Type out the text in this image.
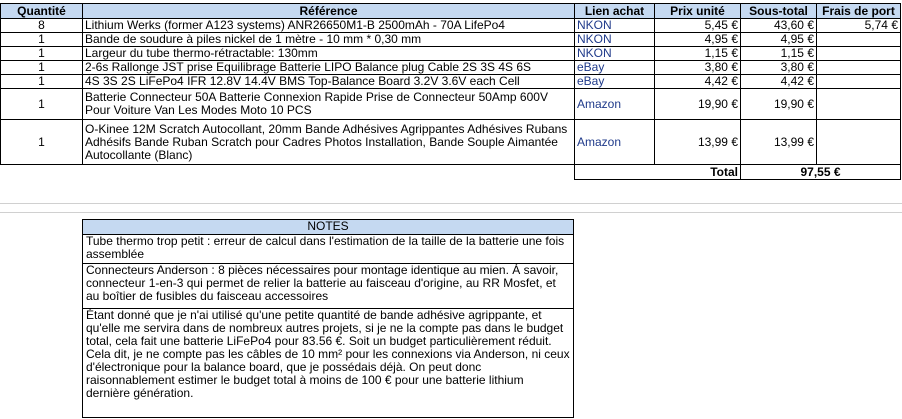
Quantité	Référence	Lien achat	Prix unité	Sous-total	Frais de port
8	Lithium Werks (former A123 systems) ANR26650M1-B 2500mAh - 70A LifePo4	NKON	5,45 €	43,60 €	5,74 €
1	Bande de soudure à piles nickel de 1 mètre - 10 mm * 0,30 mm	NKON	4,95 €	4,95 €	
1	Largeur du tube thermo-rétractable: 130mm	NKON	1,15 €	1,15 €	
1	2-6s Rallonge JST prise Equilibrage Batterie LIPO Balance plug Cable 2S 3S 4S 6S	eBay	3,80 €	3,80 €	
1	4S 3S 2S LiFePo4 IFR 12.8V 14.4V BMS Top-Balance Board 3.2V 3.6V each Cell	eBay	4,42 €	4,42 €	
1	Batterie Connecteur 50A Batterie Connexion Rapide Prise de Connecteur 50Amp 600V Pour Voiture Van Les Modes Moto 10 PCS	Amazon	19,90 €	19,90 €	
1	O-Kinee 12M Scratch Autocollant, 20mm Bande Adhésives Agrippantes Adhésives Rubans Adhésifs Bande Ruban Scratch pour Cadres Photos Installation, Bande Souple Aimantée Autocollante (Blanc)	Amazon	13,99 €	13,99 €	
		Total		97,55 €	
NOTES
Tube thermo trop petit : erreur de calcul dans l'estimation de la taille de la batterie une fois assemblée
Connecteurs Anderson : 8 pièces nécessaires pour montage identique au mien. À savoir, connecteur 1-en-3 qui permet de relier la batterie au faisceau d'origine, au RR Mosfet, et au boîtier de fusibles du faisceau accessoires
Étant donné que je n'ai utilisé qu'une petite quantité de bande adhésive agrippante, et qu'elle me servira dans de nombreux autres projets, si je ne la compte pas dans le budget total, cela fait une batterie LiFePo4 pour 83.56 €. Soit un budget particulièrement réduit. Cela dit, je ne compte pas les câbles de 10 mm² pour les connexions via Anderson, ni ceux d'électronique pour la balance board, que je possédais déjà. On peut donc raisonnablement estimer le budget total à moins de 100 € pour une batterie lithium dernière génération.
